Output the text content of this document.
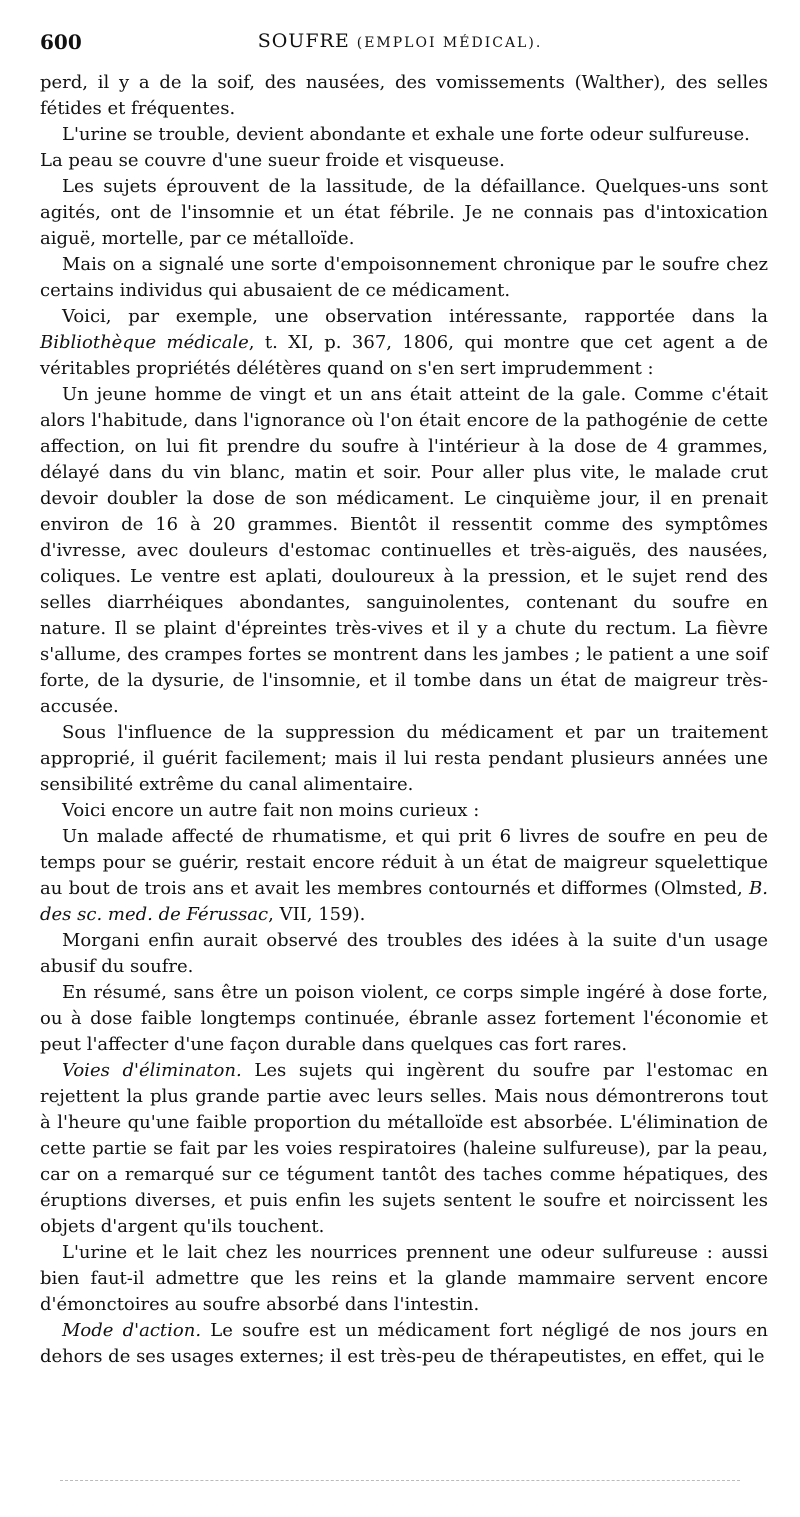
600	SOUFRE (EMPLOI MÉDICAL).

perd, il y a de la soif, des nausées, des vomissements (Walther), des selles fétides et fréquentes.

L'urine se trouble, devient abondante et exhale une forte odeur sulfureuse.

La peau se couvre d'une sueur froide et visqueuse.

Les sujets éprouvent de la lassitude, de la défaillance. Quelques-uns sont agités, ont de l'insomnie et un état fébrile. Je ne connais pas d'intoxication aiguë, mortelle, par ce métalloïde.

Mais on a signalé une sorte d'empoisonnement chronique par le soufre chez certains individus qui abusaient de ce médicament.

Voici, par exemple, une observation intéressante, rapportée dans la Bibliothèque médicale, t. XI, p. 367, 1806, qui montre que cet agent a de véritables propriétés délétères quand on s'en sert imprudemment :

Un jeune homme de vingt et un ans était atteint de la gale. Comme c'était alors l'habitude, dans l'ignorance où l'on était encore de la pathogénie de cette affection, on lui fit prendre du soufre à l'intérieur à la dose de 4 grammes, délayé dans du vin blanc, matin et soir. Pour aller plus vite, le malade crut devoir doubler la dose de son médicament. Le cinquième jour, il en prenait environ de 16 à 20 grammes. Bientôt il ressentit comme des symptômes d'ivresse, avec douleurs d'estomac continuelles et très-aiguës, des nausées, coliques. Le ventre est aplati, douloureux à la pression, et le sujet rend des selles diarrhéiques abondantes, sanguinolentes, contenant du soufre en nature. Il se plaint d'épreintes très-vives et il y a chute du rectum. La fièvre s'allume, des crampes fortes se montrent dans les jambes ; le patient a une soif forte, de la dysurie, de l'insomnie, et il tombe dans un état de maigreur très-accusée.

Sous l'influence de la suppression du médicament et par un traitement approprié, il guérit facilement; mais il lui resta pendant plusieurs années une sensibilité extrême du canal alimentaire.

Voici encore un autre fait non moins curieux :

Un malade affecté de rhumatisme, et qui prit 6 livres de soufre en peu de temps pour se guérir, restait encore réduit à un état de maigreur squelettique au bout de trois ans et avait les membres contournés et difformes (Olmsted, B. des sc. med. de Férussac, VII, 159).

Morgani enfin aurait observé des troubles des idées à la suite d'un usage abusif du soufre.

En résumé, sans être un poison violent, ce corps simple ingéré à dose forte, ou à dose faible longtemps continuée, ébranle assez fortement l'économie et peut l'affecter d'une façon durable dans quelques cas fort rares.

Voies d'éliminaton. Les sujets qui ingèrent du soufre par l'estomac en rejettent la plus grande partie avec leurs selles. Mais nous démontrerons tout à l'heure qu'une faible proportion du métalloïde est absorbée. L'élimination de cette partie se fait par les voies respiratoires (haleine sulfureuse), par la peau, car on a remarqué sur ce tégument tantôt des taches comme hépatiques, des éruptions diverses, et puis enfin les sujets sentent le soufre et noircissent les objets d'argent qu'ils touchent.

L'urine et le lait chez les nourrices prennent une odeur sulfureuse : aussi bien faut-il admettre que les reins et la glande mammaire servent encore d'émonctoires au soufre absorbé dans l'intestin.

Mode d'action. Le soufre est un médicament fort négligé de nos jours en dehors de ses usages externes; il est très-peu de thérapeutistes, en effet, qui le
